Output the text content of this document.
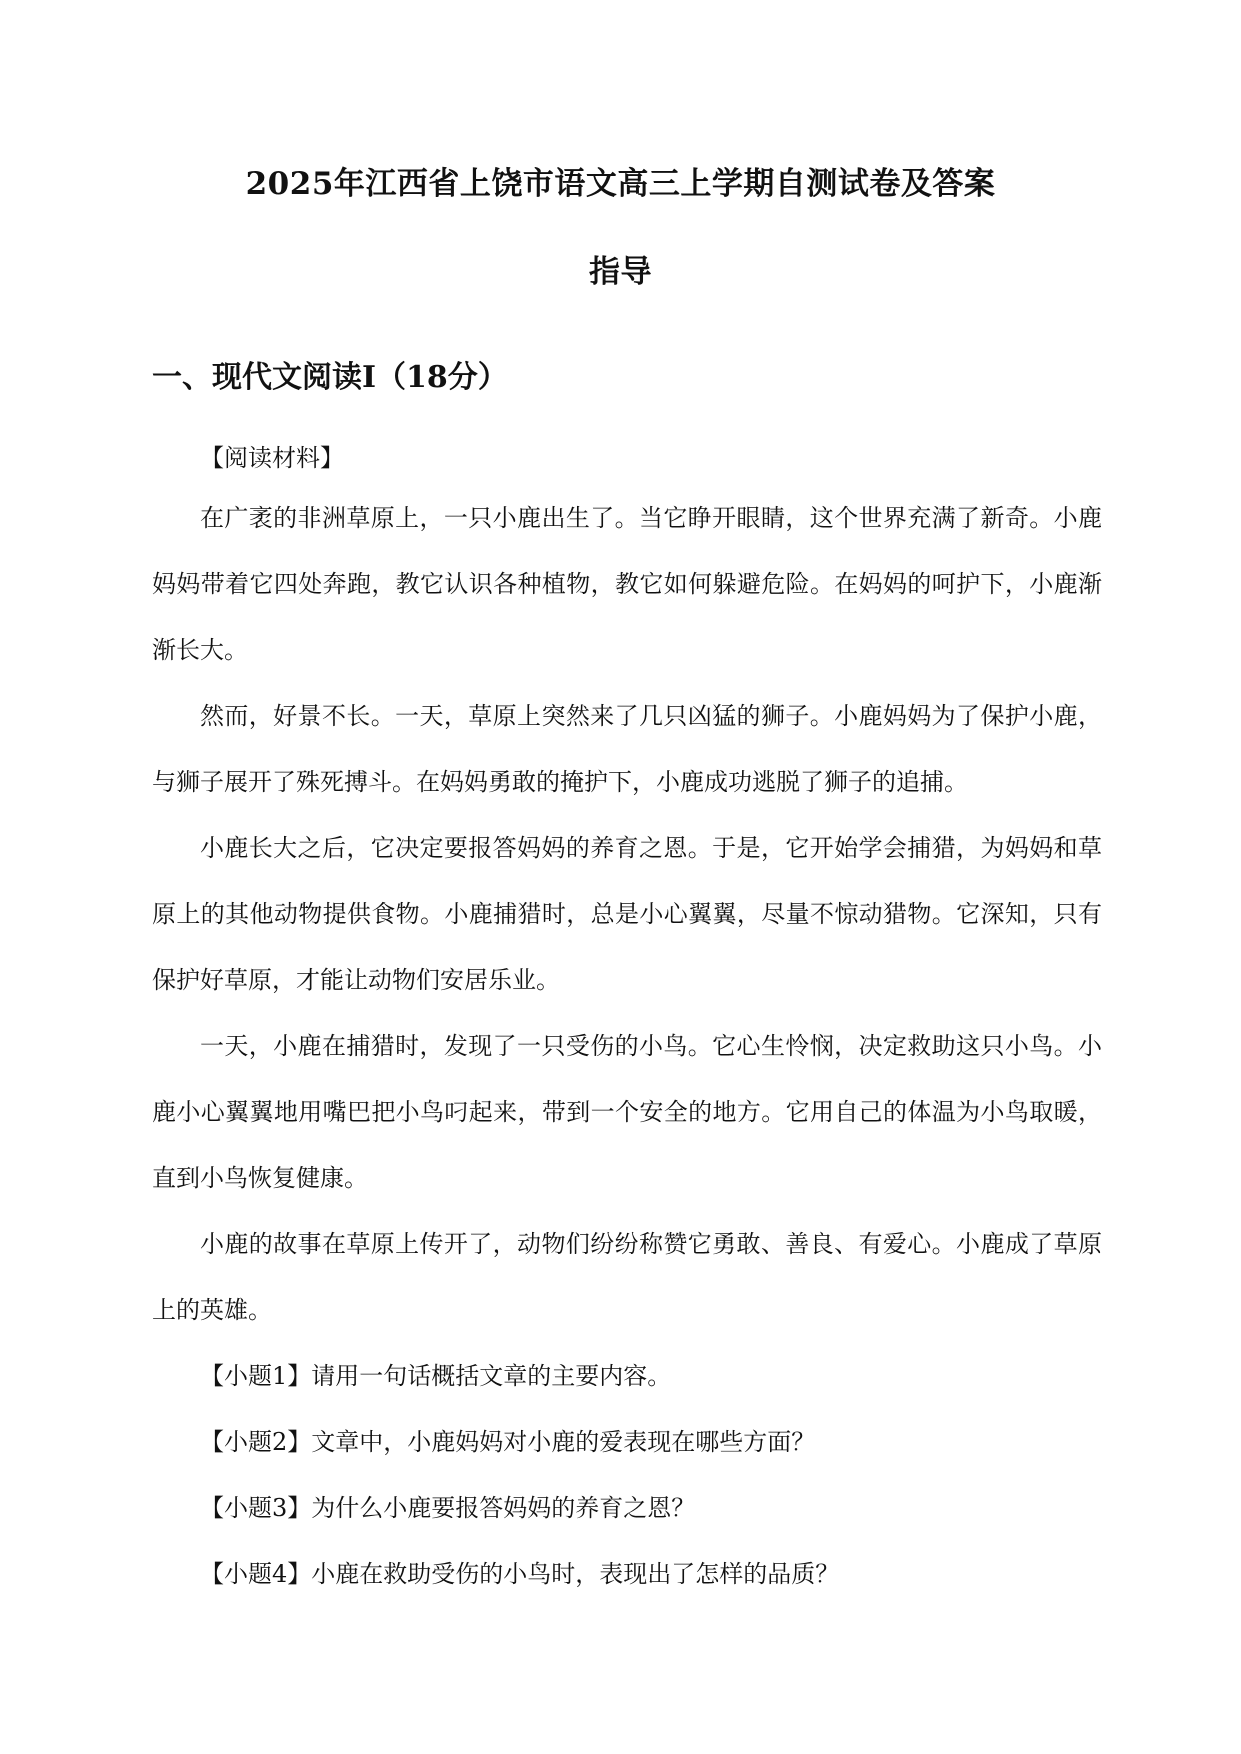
2025年江西省上饶市语文高三上学期自测试卷及答案
指导
一、现代文阅读Ⅰ（18分）
【阅读材料】

在广袤的非洲草原上，一只小鹿出生了。当它睁开眼睛，这个世界充满了新奇。小鹿妈妈带着它四处奔跑，教它认识各种植物，教它如何躲避危险。在妈妈的呵护下，小鹿渐渐长大。

然而，好景不长。一天，草原上突然来了几只凶猛的狮子。小鹿妈妈为了保护小鹿，与狮子展开了殊死搏斗。在妈妈勇敢的掩护下，小鹿成功逃脱了狮子的追捕。

小鹿长大之后，它决定要报答妈妈的养育之恩。于是，它开始学会捕猎，为妈妈和草原上的其他动物提供食物。小鹿捕猎时，总是小心翼翼，尽量不惊动猎物。它深知，只有保护好草原，才能让动物们安居乐业。

一天，小鹿在捕猎时，发现了一只受伤的小鸟。它心生怜悯，决定救助这只小鸟。小鹿小心翼翼地用嘴巴把小鸟叼起来，带到一个安全的地方。它用自己的体温为小鸟取暖，直到小鸟恢复健康。

小鹿的故事在草原上传开了，动物们纷纷称赞它勇敢、善良、有爱心。小鹿成了草原上的英雄。

【小题1】请用一句话概括文章的主要内容。
【小题2】文章中，小鹿妈妈对小鹿的爱表现在哪些方面？
【小题3】为什么小鹿要报答妈妈的养育之恩？
【小题4】小鹿在救助受伤的小鸟时，表现出了怎样的品质？
